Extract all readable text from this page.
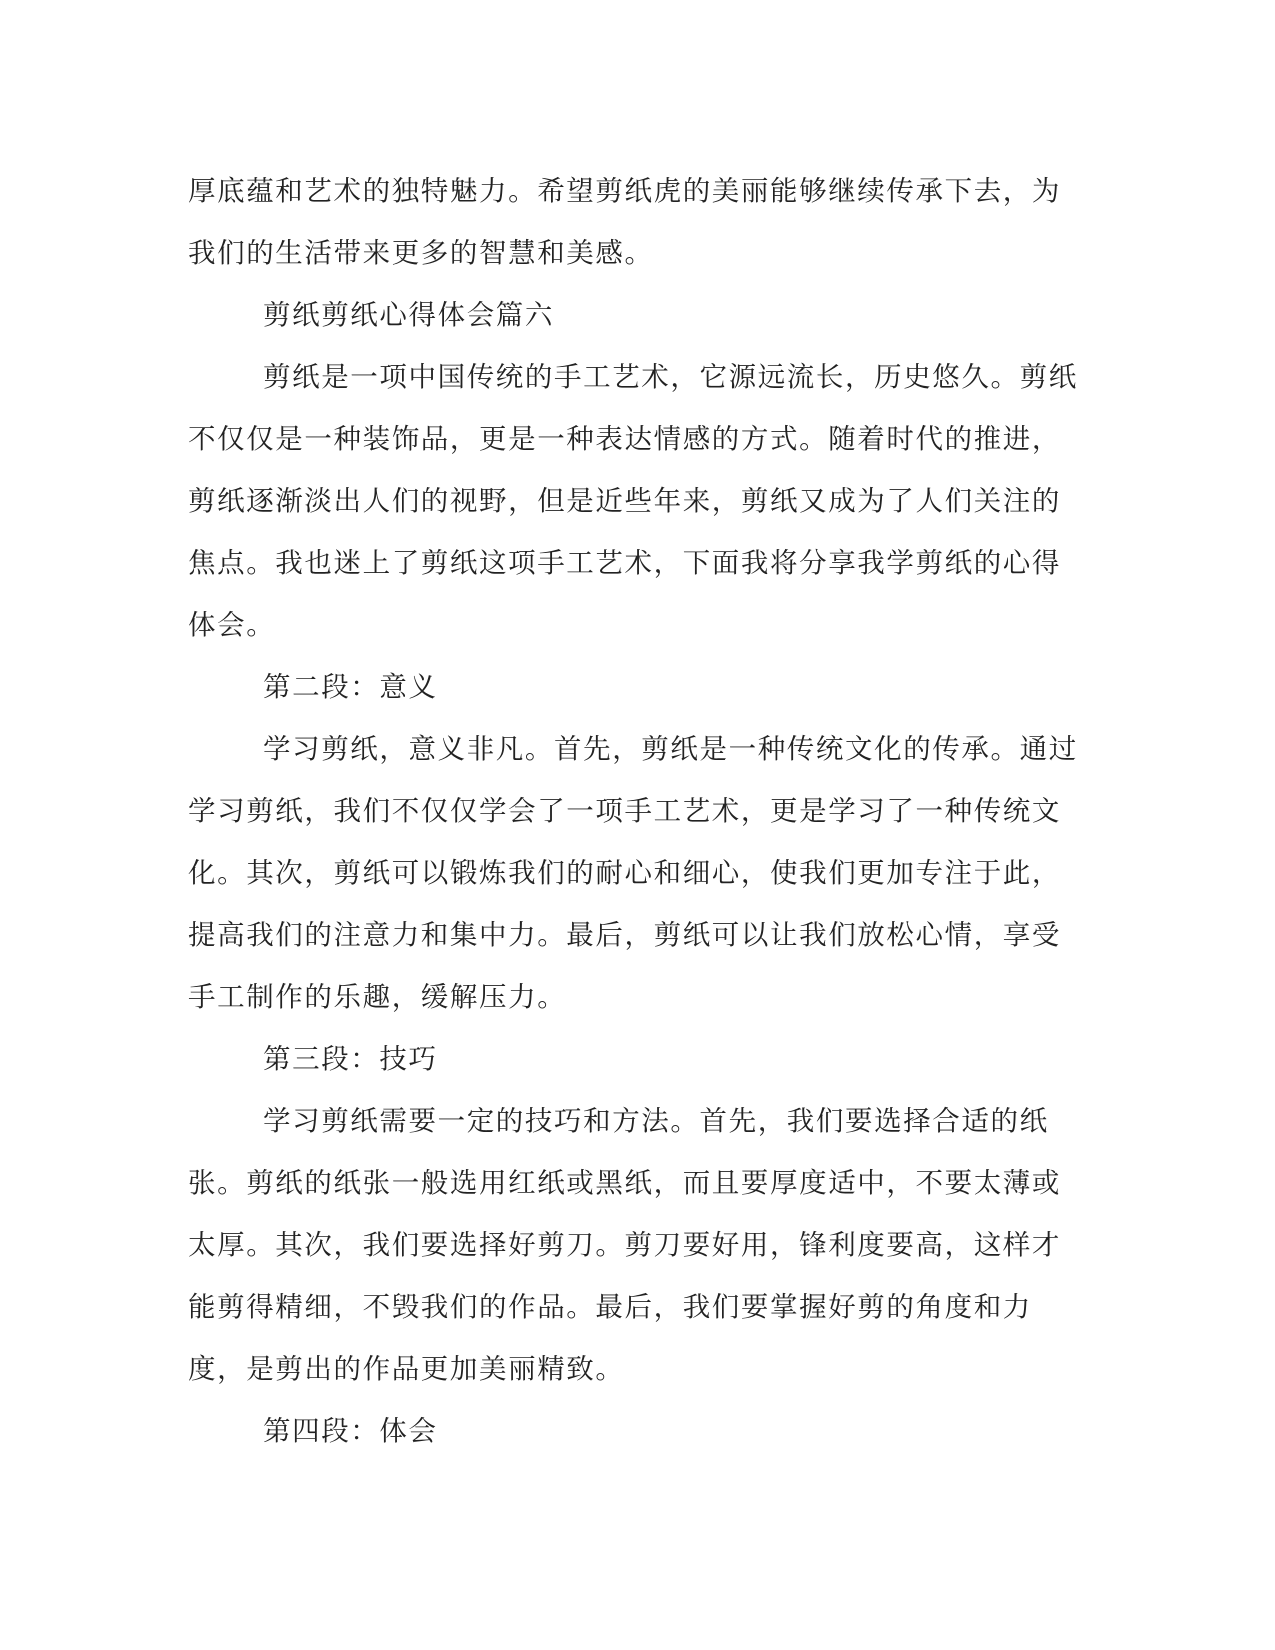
厚底蕴和艺术的独特魅力。希望剪纸虎的美丽能够继续传承下去，为我们的生活带来更多的智慧和美感。

剪纸剪纸心得体会篇六

剪纸是一项中国传统的手工艺术，它源远流长，历史悠久。剪纸不仅仅是一种装饰品，更是一种表达情感的方式。随着时代的推进，剪纸逐渐淡出人们的视野，但是近些年来，剪纸又成为了人们关注的焦点。我也迷上了剪纸这项手工艺术，下面我将分享我学剪纸的心得体会。

第二段：意义

学习剪纸，意义非凡。首先，剪纸是一种传统文化的传承。通过学习剪纸，我们不仅仅学会了一项手工艺术，更是学习了一种传统文化。其次，剪纸可以锻炼我们的耐心和细心，使我们更加专注于此，提高我们的注意力和集中力。最后，剪纸可以让我们放松心情，享受手工制作的乐趣，缓解压力。

第三段：技巧

学习剪纸需要一定的技巧和方法。首先，我们要选择合适的纸张。剪纸的纸张一般选用红纸或黑纸，而且要厚度适中，不要太薄或太厚。其次，我们要选择好剪刀。剪刀要好用，锋利度要高，这样才能剪得精细，不毁我们的作品。最后，我们要掌握好剪的角度和力度，是剪出的作品更加美丽精致。

第四段：体会
